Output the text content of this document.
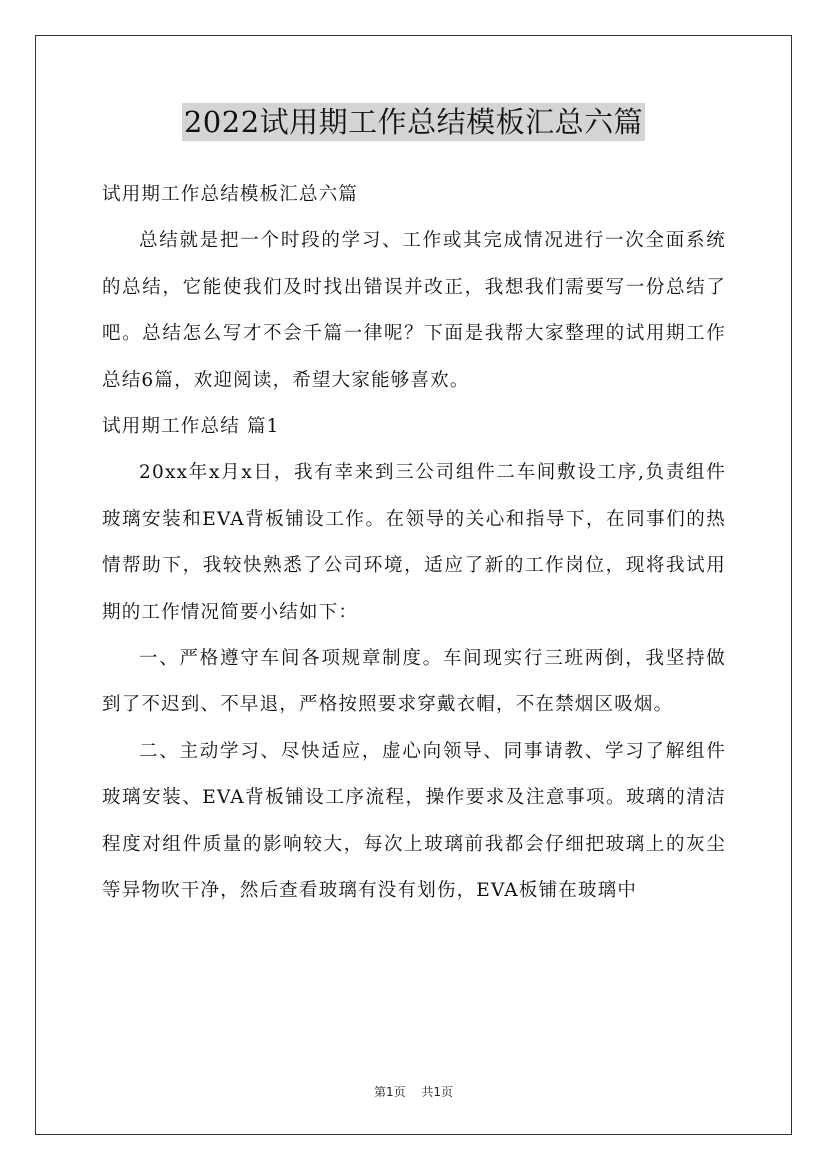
2022试用期工作总结模板汇总六篇

试用期工作总结模板汇总六篇

总结就是把一个时段的学习、工作或其完成情况进行一次全面系统的总结，它能使我们及时找出错误并改正，我想我们需要写一份总结了吧。总结怎么写才不会千篇一律呢？下面是我帮大家整理的试用期工作总结6篇，欢迎阅读，希望大家能够喜欢。

试用期工作总结 篇1

20xx年x月x日，我有幸来到三公司组件二车间敷设工序,负责组件玻璃安装和EVA背板铺设工作。在领导的关心和指导下，在同事们的热情帮助下，我较快熟悉了公司环境，适应了新的工作岗位，现将我试用期的工作情况简要小结如下：

一、严格遵守车间各项规章制度。车间现实行三班两倒，我坚持做到了不迟到、不早退，严格按照要求穿戴衣帽，不在禁烟区吸烟。

二、主动学习、尽快适应，虚心向领导、同事请教、学习了解组件玻璃安装、EVA背板铺设工序流程，操作要求及注意事项。玻璃的清洁程度对组件质量的影响较大，每次上玻璃前我都会仔细把玻璃上的灰尘等异物吹干净，然后查看玻璃有没有划伤，EVA板铺在玻璃中

第1页 共1页
